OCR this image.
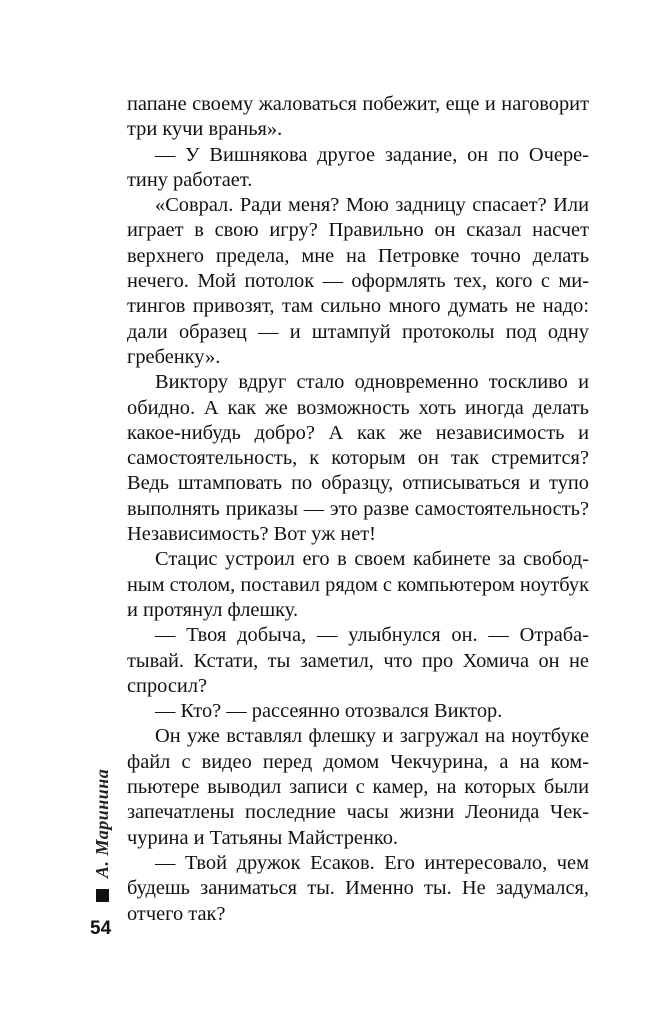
папане своему жаловаться побежит, еще и наговорит три кучи вранья».

— У Вишнякова другое задание, он по Очеретину работает.

«Соврал. Ради меня? Мою задницу спасает? Или играет в свою игру? Правильно он сказал насчет верхнего предела, мне на Петровке точно делать нечего. Мой потолок — оформлять тех, кого с митингов привозят, там сильно много думать не надо: дали образец — и штампуй протоколы под одну гребенку».

Виктору вдруг стало одновременно тоскливо и обидно. А как же возможность хоть иногда делать какое-нибудь добро? А как же независимость и самостоятельность, к которым он так стремится? Ведь штамповать по образцу, отписываться и тупо выполнять приказы — это разве самостоятельность? Независимость? Вот уж нет!

Стацис устроил его в своем кабинете за свободным столом, поставил рядом с компьютером ноутбук и протянул флешку.

— Твоя добыча, — улыбнулся он. — Отрабатывай. Кстати, ты заметил, что про Хомича он не спросил?

— Кто? — рассеянно отозвался Виктор.

Он уже вставлял флешку и загружал на ноутбуке файл с видео перед домом Чекчурина, а на компьютере выводил записи с камер, на которых были запечатлены последние часы жизни Леонида Чекчурина и Татьяны Майстренко.

— Твой дружок Есаков. Его интересовало, чем будешь заниматься ты. Именно ты. Не задумался, отчего так?

А. Маринина
54
